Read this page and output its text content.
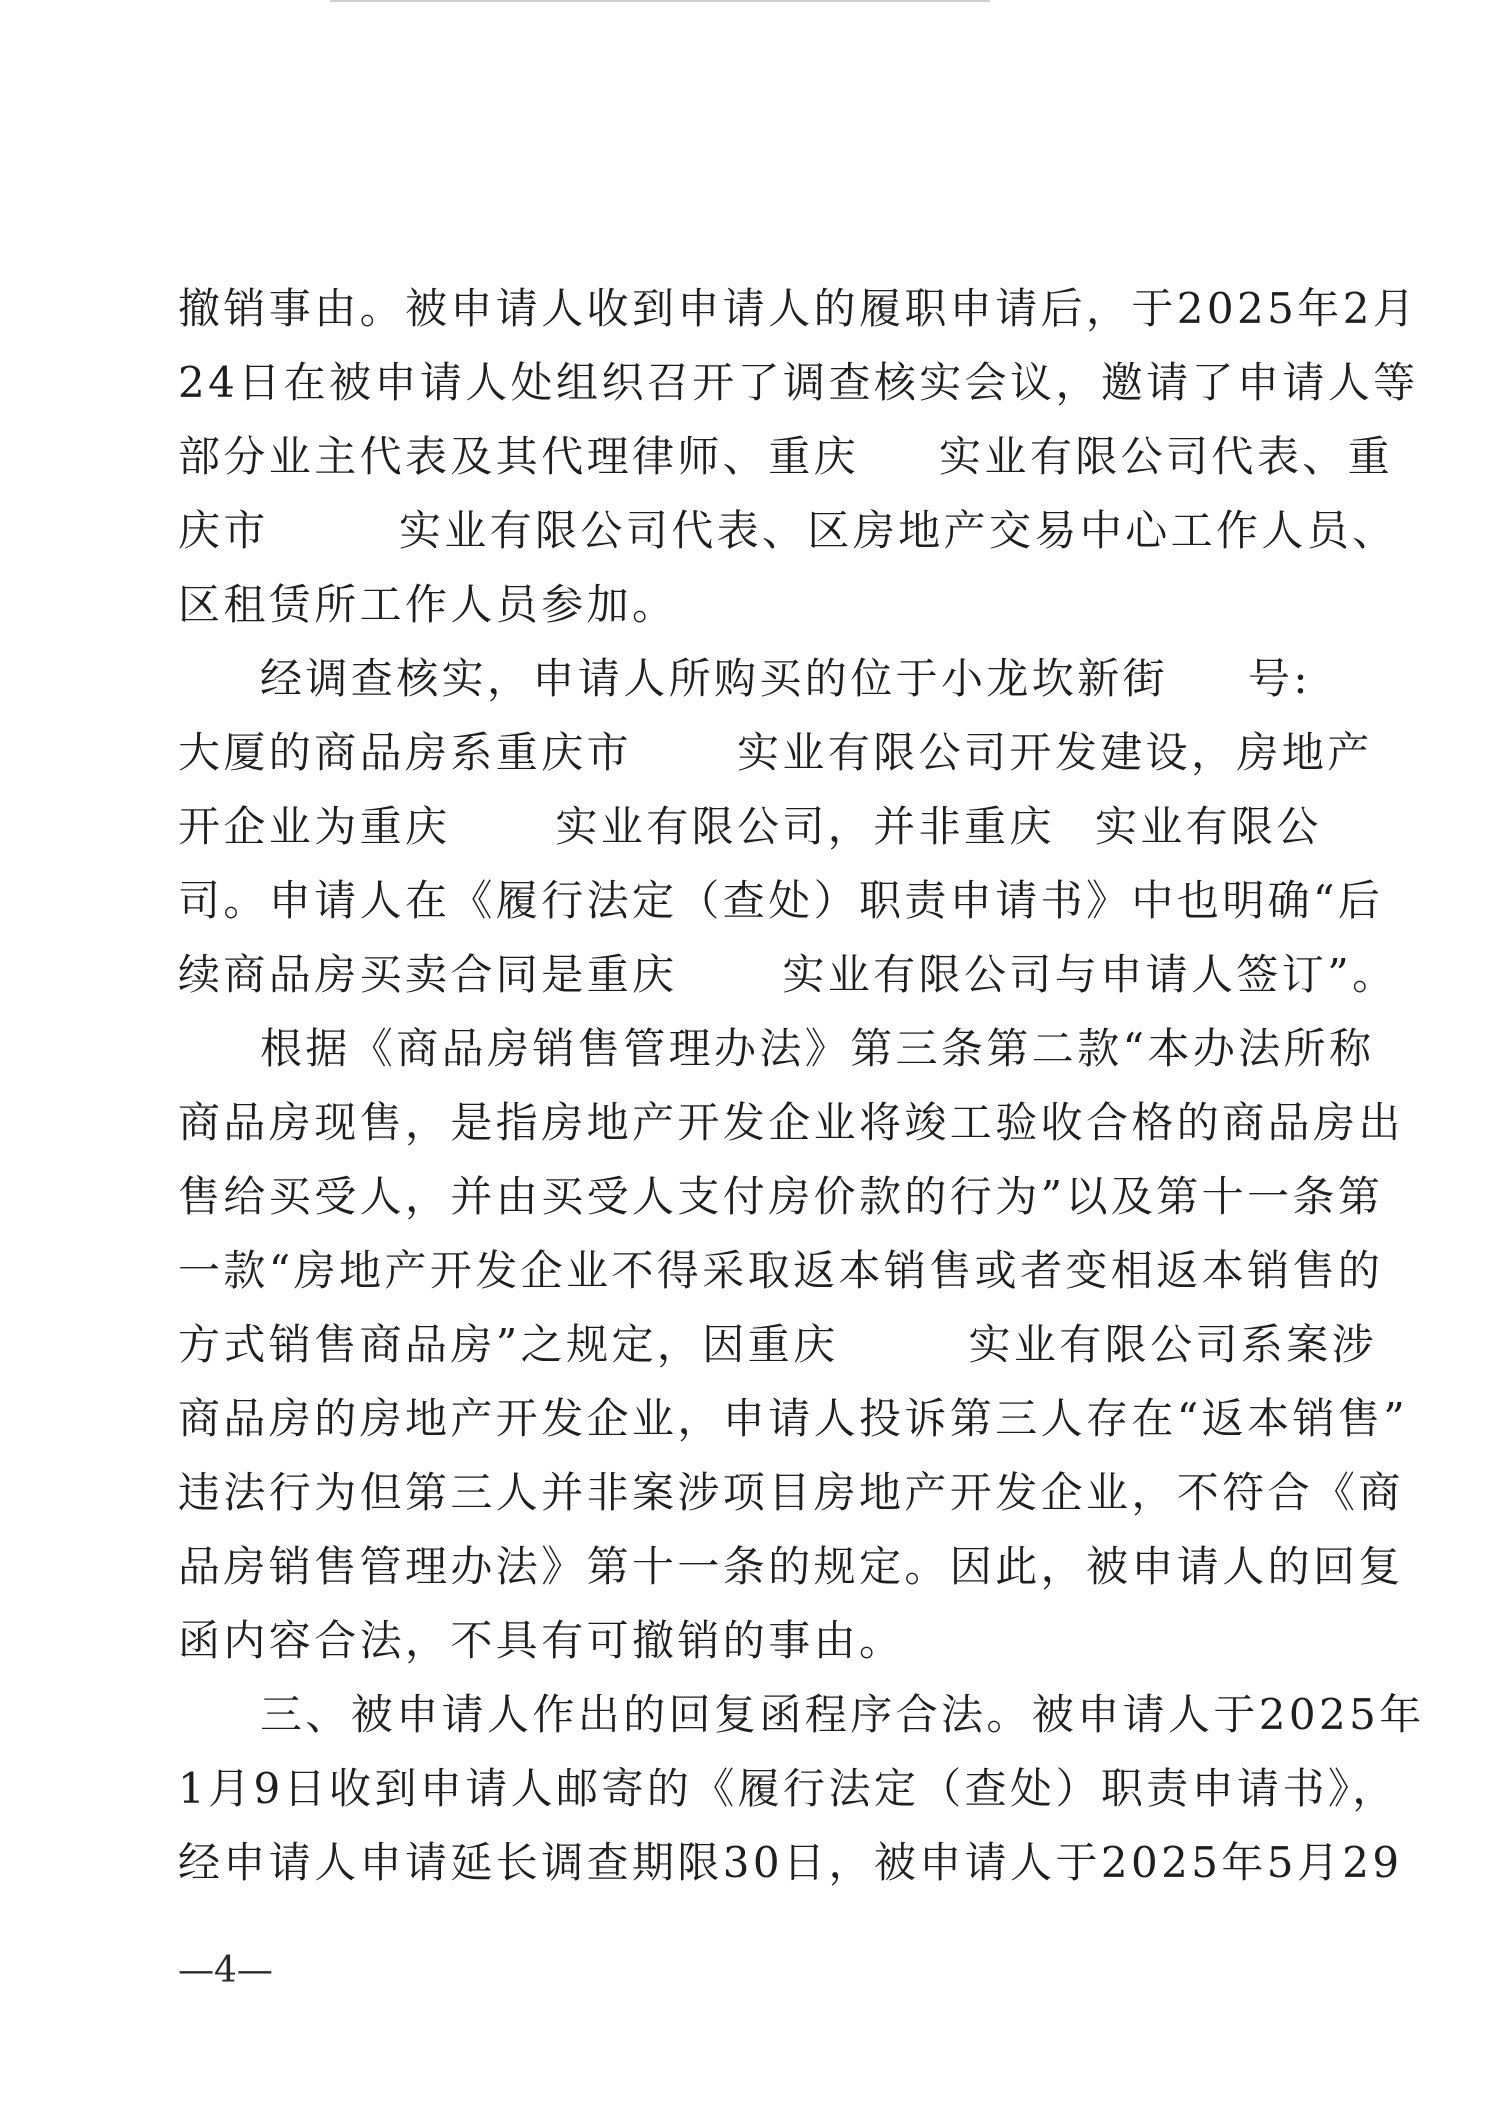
撤销事由。被申请人收到申请人的履职申请后，于2025年2月
24日在被申请人处组织召开了调查核实会议，邀请了申请人等
部分业主代表及其代理律师、重庆 实业有限公司代表、重
庆市	实业有限公司代表、区房地产交易中心工作人员、
区租赁所工作人员参加。
经调查核实，申请人所购买的位于小龙坎新街 号:
大厦的商品房系重庆市	实业有限公司开发建设，房地产
开企业为重庆	实业有限公司，并非重庆 实业有限公
司。申请人在《履行法定（查处）职责申请书》中也明确“后
续商品房买卖合同是重庆	实业有限公司与申请人签订”。
根据《商品房销售管理办法》第三条第二款“本办法所称
商品房现售，是指房地产开发企业将竣工验收合格的商品房出
售给买受人，并由买受人支付房价款的行为”以及第十一条第
一款“房地产开发企业不得采取返本销售或者变相返本销售的
方式销售商品房”之规定，因重庆	实业有限公司系案涉
商品房的房地产开发企业，申请人投诉第三人存在“返本销售”
违法行为但第三人并非案涉项目房地产开发企业，不符合《商
品房销售管理办法》第十一条的规定。因此，被申请人的回复
函内容合法，不具有可撤销的事由。
三、被申请人作出的回复函程序合法。被申请人于2025年
1月9日收到申请人邮寄的《履行法定（查处）职责申请书》，
经申请人申请延长调查期限30日，被申请人于2025年5月29
—4—
